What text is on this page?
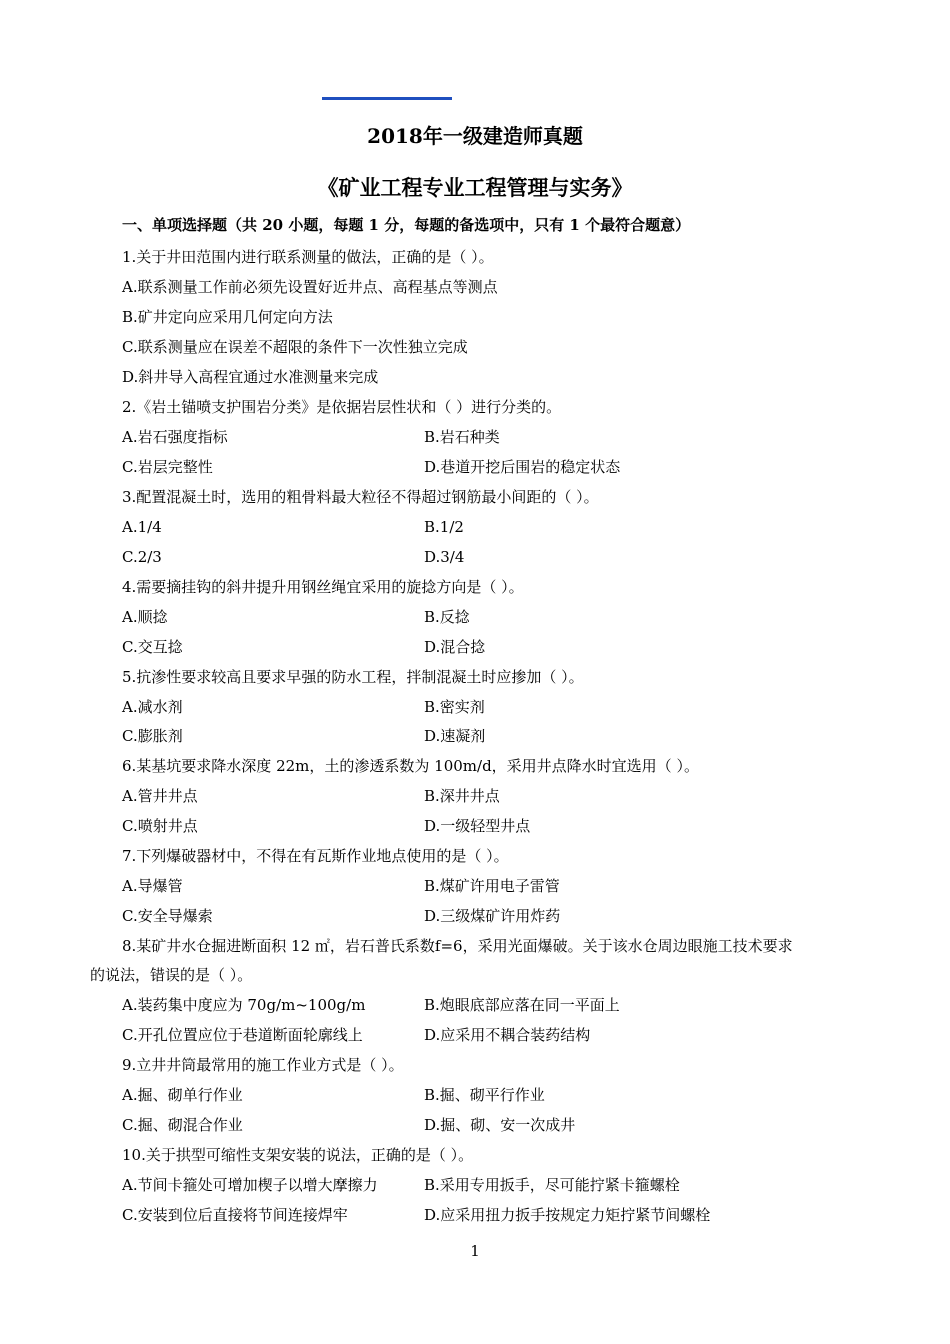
2018年一级建造师真题
《矿业工程专业工程管理与实务》
一、单项选择题（共 20 小题，每题 1 分，每题的备选项中，只有 1 个最符合题意）
1.关于井田范围内进行联系测量的做法，正确的是（ ）。
A.联系测量工作前必须先设置好近井点、高程基点等测点
B.矿井定向应采用几何定向方法
C.联系测量应在误差不超限的条件下一次性独立完成
D.斜井导入高程宜通过水准测量来完成
2.《岩土锚喷支护围岩分类》是依据岩层性状和（ ）进行分类的。
A.岩石强度指标	B.岩石种类
C.岩层完整性	D.巷道开挖后围岩的稳定状态
3.配置混凝土时，选用的粗骨料最大粒径不得超过钢筋最小间距的（ ）。
A.1/4	B.1/2
C.2/3	D.3/4
4.需要摘挂钩的斜井提升用钢丝绳宜采用的旋捻方向是（ ）。
A.顺捻	B.反捻
C.交互捻	D.混合捻
5.抗渗性要求较高且要求早强的防水工程，拌制混凝土时应掺加（ ）。
A.减水剂	B.密实剂
C.膨胀剂	D.速凝剂
6.某基坑要求降水深度 22m，土的渗透系数为 100m/d，采用井点降水时宜选用（ ）。
A.管井井点	B.深井井点
C.喷射井点	D.一级轻型井点
7.下列爆破器材中，不得在有瓦斯作业地点使用的是（ ）。
A.导爆管	B.煤矿许用电子雷管
C.安全导爆索	D.三级煤矿许用炸药
8.某矿井水仓掘进断面积 12 ㎡，岩石普氏系数f=6，采用光面爆破。关于该水仓周边眼施工技术要求
的说法，错误的是（ ）。
A.装药集中度应为 70g/m~100g/m	B.炮眼底部应落在同一平面上
C.开孔位置应位于巷道断面轮廓线上	D.应采用不耦合装药结构
9.立井井筒最常用的施工作业方式是（ ）。
A.掘、砌单行作业	B.掘、砌平行作业
C.掘、砌混合作业	D.掘、砌、安一次成井
10.关于拱型可缩性支架安装的说法，正确的是（ ）。
A.节间卡箍处可增加楔子以增大摩擦力	B.采用专用扳手，尽可能拧紧卡箍螺栓
C.安装到位后直接将节间连接焊牢	D.应采用扭力扳手按规定力矩拧紧节间螺栓
1
